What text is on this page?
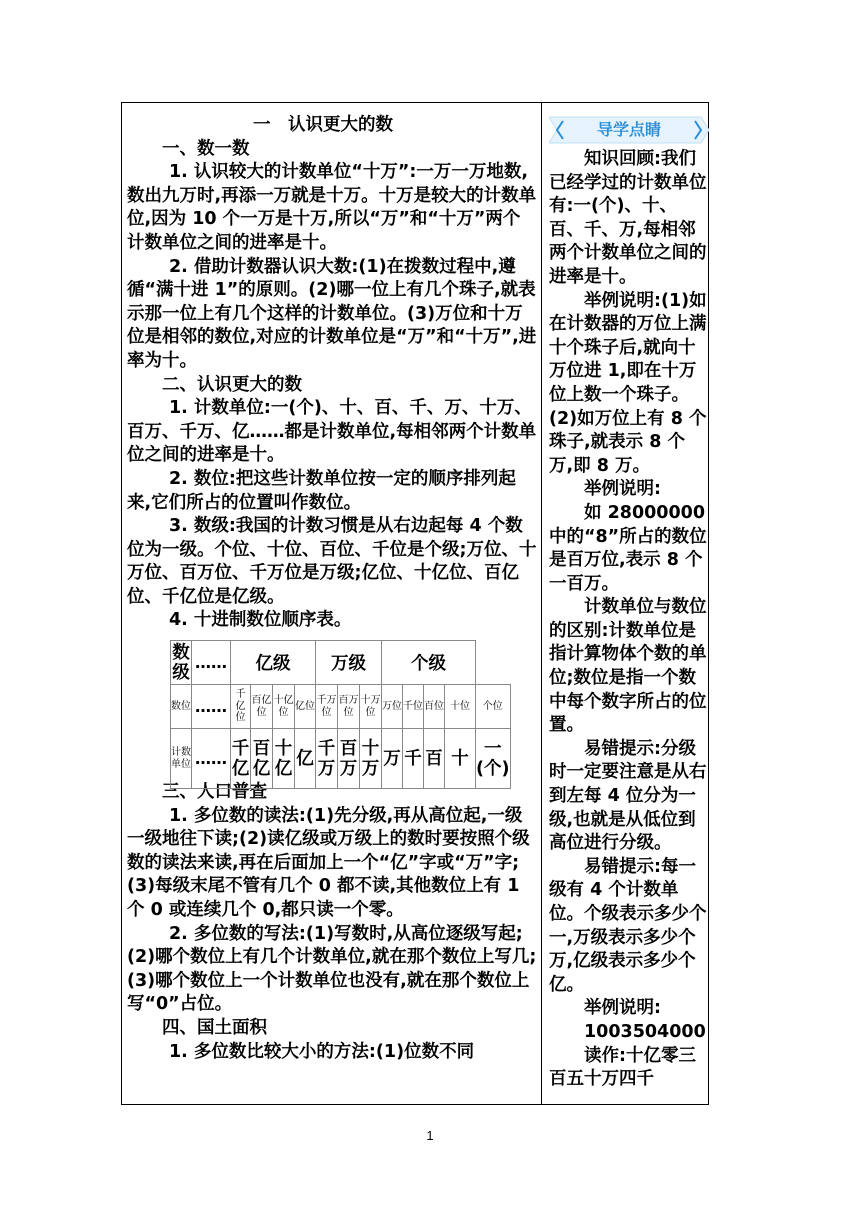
一　认识更大的数

一、数一数

1. 认识较大的计数单位“十万”:一万一万地数,数出九万时,再添一万就是十万。十万是较大的计数单位,因为 10 个一万是十万,所以“万”和“十万”两个计数单位之间的进率是十。

2. 借助计数器认识大数:(1)在拨数过程中,遵循“满十进 1”的原则。(2)哪一位上有几个珠子,就表示那一位上有几个这样的计数单位。(3)万位和十万位是相邻的数位,对应的计数单位是“万”和“十万”,进率为十。

二、认识更大的数

1. 计数单位:一(个)、十、百、千、万、十万、百万、千万、亿……都是计数单位,每相邻两个计数单位之间的进率是十。

2. 数位:把这些计数单位按一定的顺序排列起来,它们所占的位置叫作数位。

3. 数级:我国的计数习惯是从右边起每 4 个数位为一级。个位、十位、百位、千位是个级;万位、十万位、百万位、千万位是万级;亿位、十亿位、百亿位、千亿位是亿级。

4. 十进制数位顺序表。

三、人口普查

1. 多位数的读法:(1)先分级,再从高位起,一级一级地往下读;(2)读亿级或万级上的数时要按照个级数的读法来读,再在后面加上一个“亿”字或“万”字;(3)每级末尾不管有几个 0 都不读,其他数位上有 1 个 0 或连续几个 0,都只读一个零。

2. 多位数的写法:(1)写数时,从高位逐级写起;(2)哪个数位上有几个计数单位,就在那个数位上写几;(3)哪个数位上一个计数单位也没有,就在那个数位上写“0”占位。

四、国土面积

1. 多位数比较大小的方法:(1)位数不同

数级	……	亿级				万级			个级				
数位	……	千亿位	百亿位	十亿位	亿位	千万位	百万位	十万位	万位	千位	百位	十位	个位
计数单位	……	千亿	百亿	十亿	亿	千万	百万	十万	万	千	百	十	一(个)
导学点睛

知识回顾:我们已经学过的计数单位有:一(个)、十、百、千、万,每相邻两个计数单位之间的进率是十。

举例说明:(1)如在计数器的万位上满十个珠子后,就向十万位进 1,即在十万位上数一个珠子。(2)如万位上有 8 个珠子,就表示 8 个万,即 8 万。

举例说明:

如 28000000 中的“8”所占的数位是百万位,表示 8 个一百万。

计数单位与数位的区别:计数单位是指计算物体个数的单位;数位是指一个数中每个数字所占的位置。

易错提示:分级时一定要注意是从右到左每 4 位分为一级,也就是从低位到高位进行分级。

易错提示:每一级有 4 个计数单位。个级表示多少个一,万级表示多少个万,亿级表示多少个亿。

举例说明:

1003504000

读作:十亿零三百五十万四千

1
